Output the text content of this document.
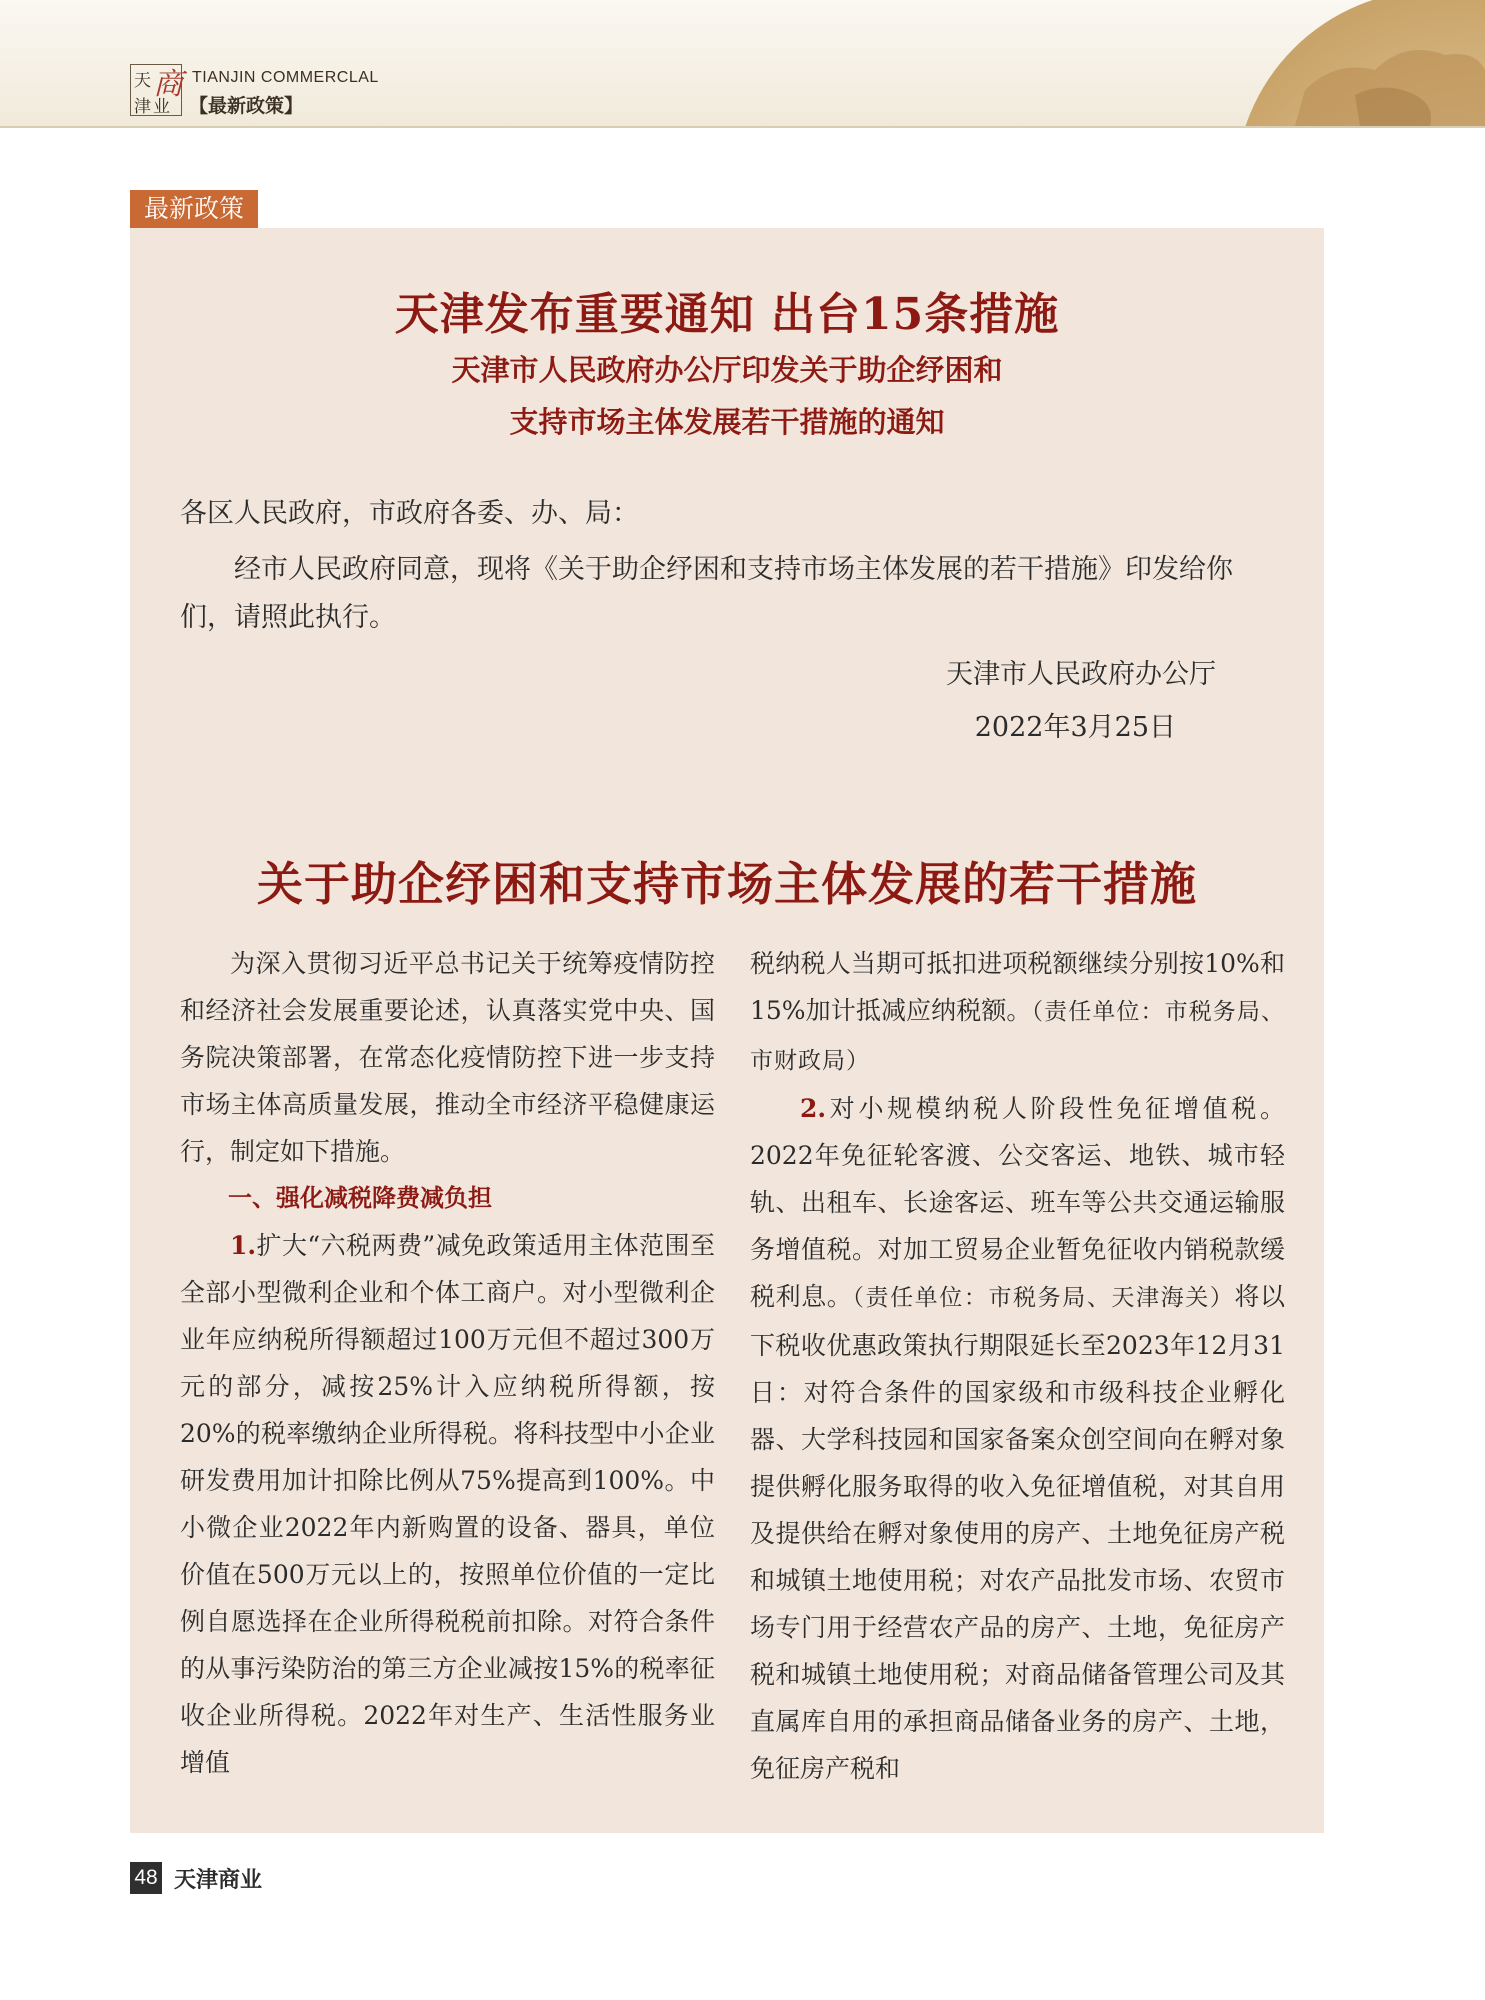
天 商
津 业
TIANJIN COMMERCLAL
【最新政策】
最新政策
天津发布重要通知 出台15条措施
天津市人民政府办公厅印发关于助企纾困和
支持市场主体发展若干措施的通知
各区人民政府，市政府各委、办、局：
经市人民政府同意，现将《关于助企纾困和支持市场主体发展的若干措施》印发给你们，请照此执行。
天津市人民政府办公厅
2022年3月25日
关于助企纾困和支持市场主体发展的若干措施

为深入贯彻习近平总书记关于统筹疫情防控和经济社会发展重要论述，认真落实党中央、国务院决策部署，在常态化疫情防控下进一步支持市场主体高质量发展，推动全市经济平稳健康运行，制定如下措施。

一、强化减税降费减负担

1.扩大“六税两费”减免政策适用主体范围至全部小型微利企业和个体工商户。对小型微利企业年应纳税所得额超过100万元但不超过300万元的部分，减按25%计入应纳税所得额，按20%的税率缴纳企业所得税。将科技型中小企业研发费用加计扣除比例从75%提高到100%。中小微企业2022年内新购置的设备、器具，单位价值在500万元以上的，按照单位价值的一定比例自愿选择在企业所得税税前扣除。对符合条件的从事污染防治的第三方企业减按15%的税率征收企业所得税。2022年对生产、生活性服务业增值

税纳税人当期可抵扣进项税额继续分别按10%和15%加计抵减应纳税额。（责任单位：市税务局、市财政局）

2.对小规模纳税人阶段性免征增值税。2022年免征轮客渡、公交客运、地铁、城市轻轨、出租车、长途客运、班车等公共交通运输服务增值税。对加工贸易企业暂免征收内销税款缓税利息。（责任单位：市税务局、天津海关）将以下税收优惠政策执行期限延长至2023年12月31日：对符合条件的国家级和市级科技企业孵化器、大学科技园和国家备案众创空间向在孵对象提供孵化服务取得的收入免征增值税，对其自用及提供给在孵对象使用的房产、土地免征房产税和城镇土地使用税；对农产品批发市场、农贸市场专门用于经营农产品的房产、土地，免征房产税和城镇土地使用税；对商品储备管理公司及其直属库自用的承担商品储备业务的房产、土地，免征房产税和

48 天津商业
